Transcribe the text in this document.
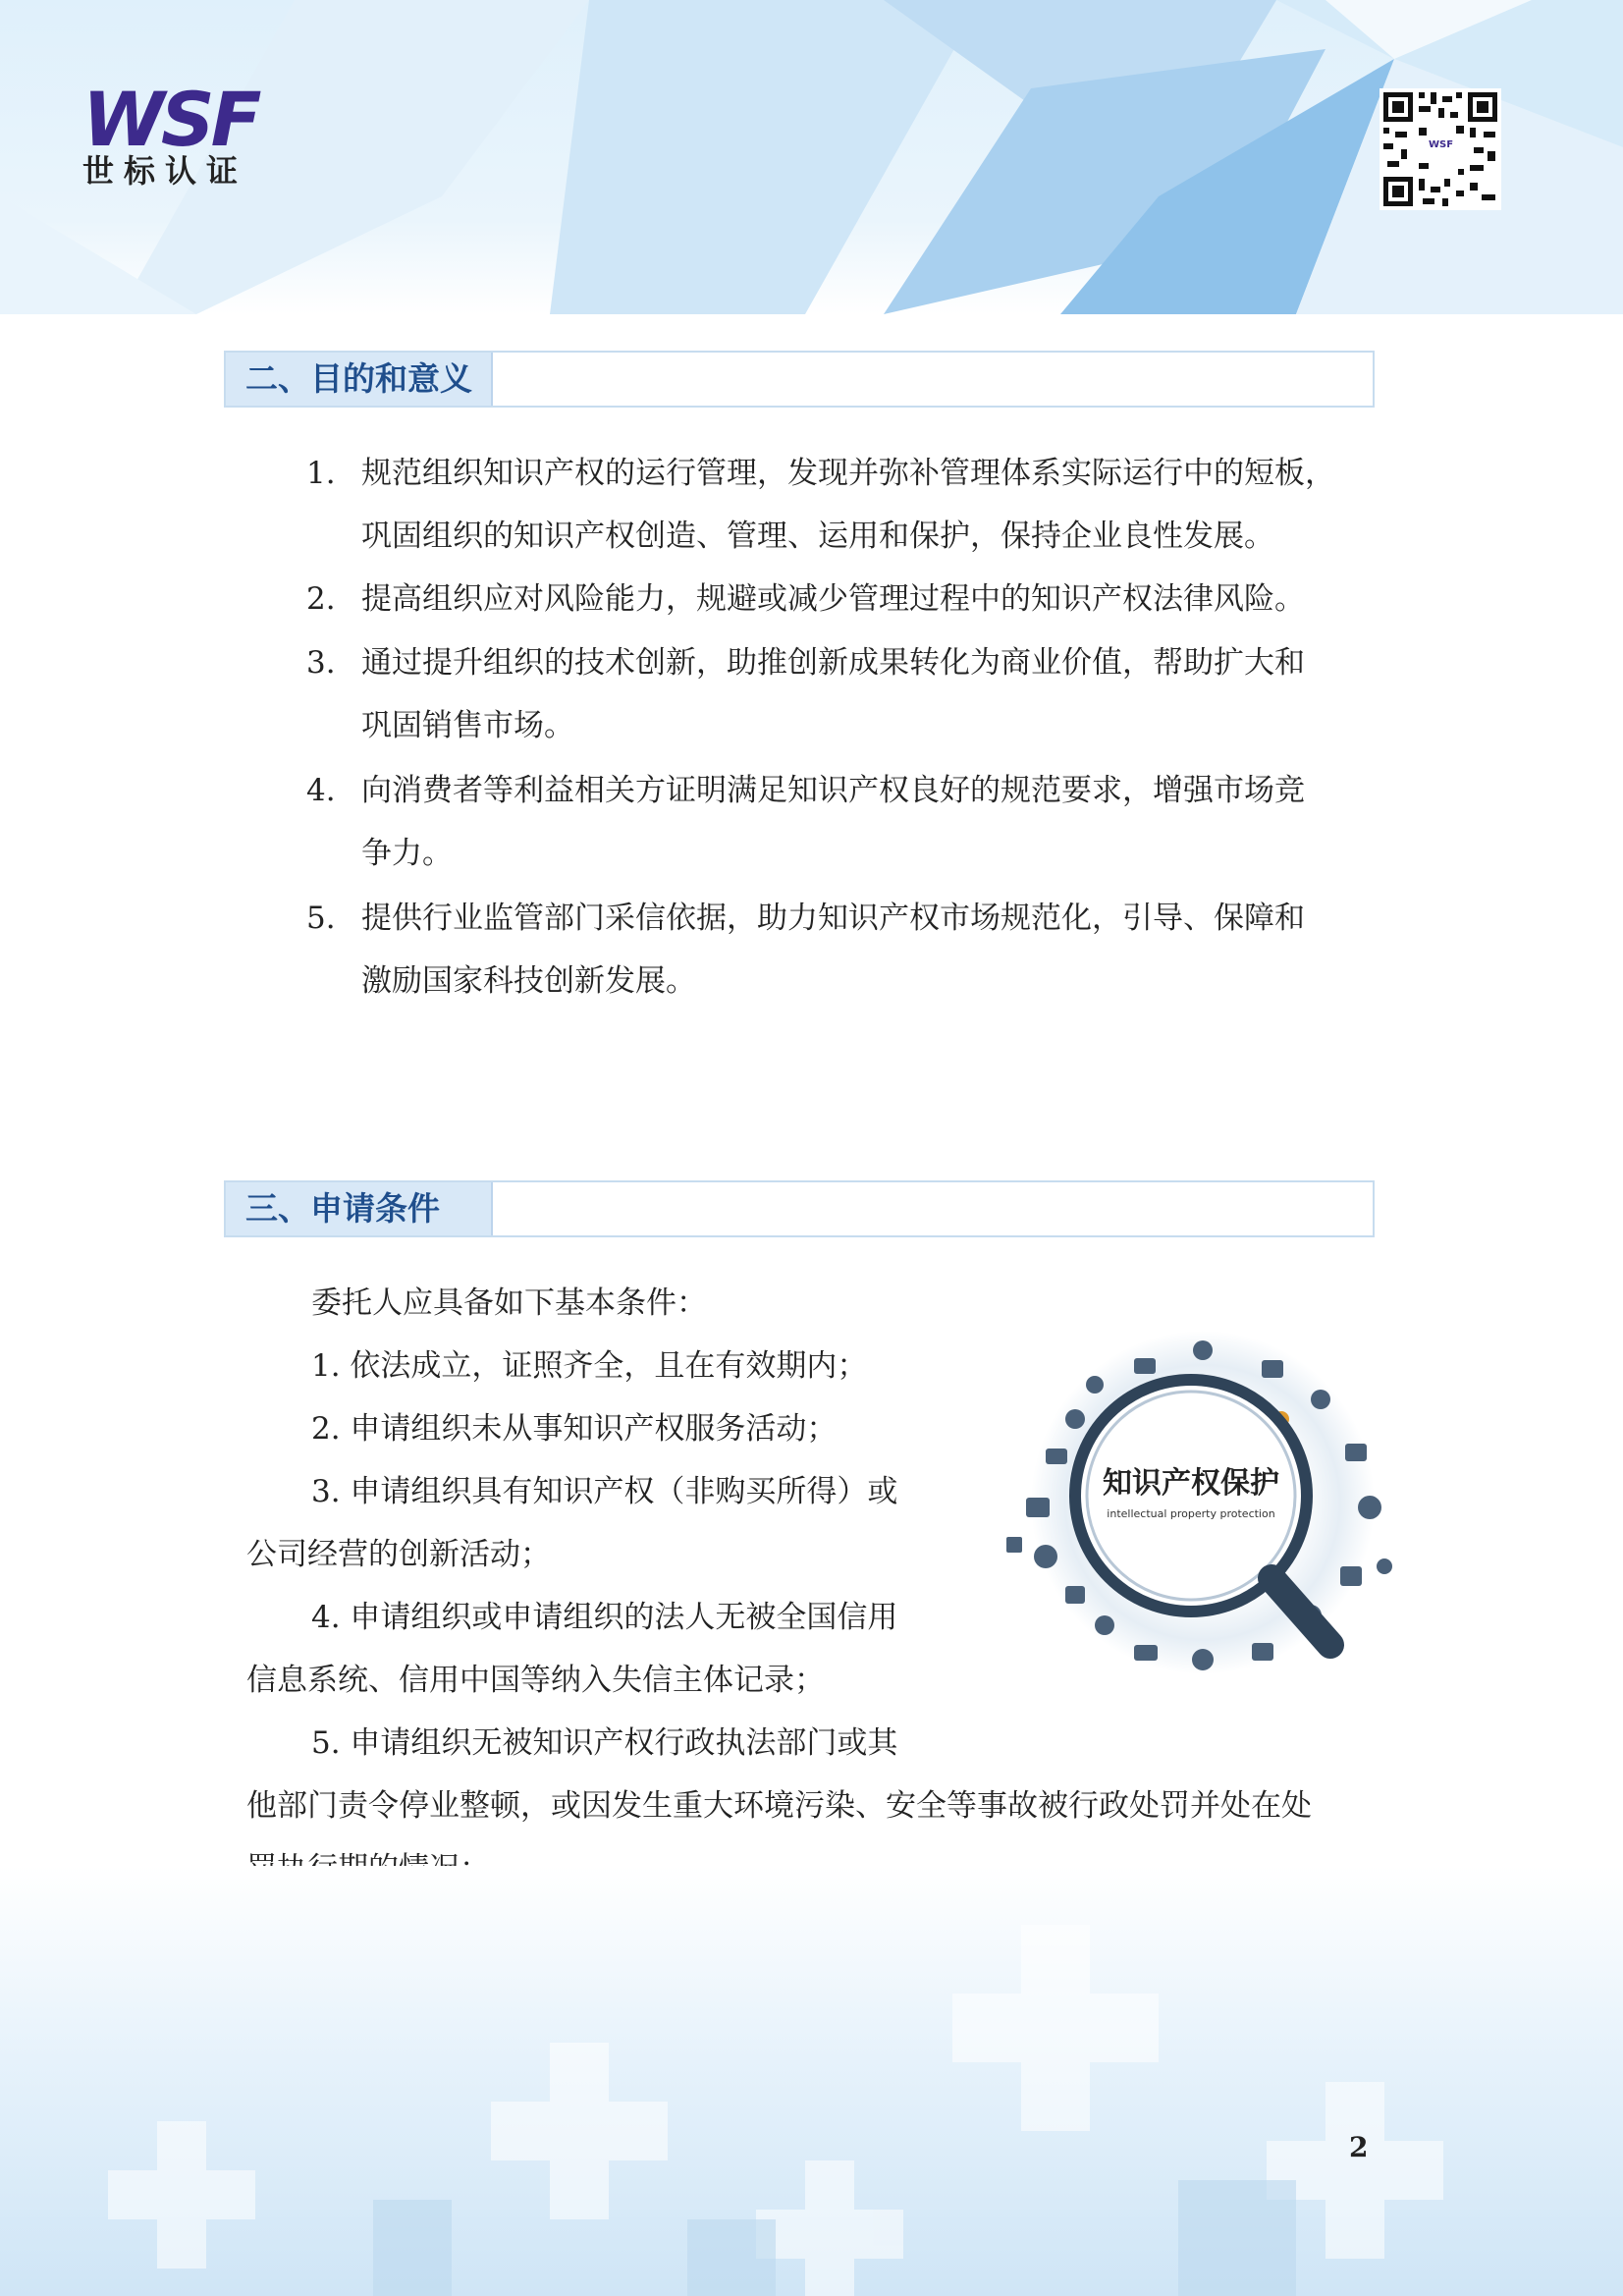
WSF
世标认证
WSF
二、目的和意义
1. 规范组织知识产权的运行管理，发现并弥补管理体系实际运行中的短板，
巩固组织的知识产权创造、管理、运用和保护，保持企业良性发展。
2. 提高组织应对风险能力，规避或减少管理过程中的知识产权法律风险。
3. 通过提升组织的技术创新，助推创新成果转化为商业价值，帮助扩大和
巩固销售市场。
4. 向消费者等利益相关方证明满足知识产权良好的规范要求，增强市场竞
争力。
5. 提供行业监管部门采信依据，助力知识产权市场规范化，引导、保障和
激励国家科技创新发展。
三、申请条件
委托人应具备如下基本条件：
1. 依法成立，证照齐全，且在有效期内；
2. 申请组织未从事知识产权服务活动；
3. 申请组织具有知识产权（非购买所得）或
公司经营的创新活动；
4. 申请组织或申请组织的法人无被全国信用
信息系统、信用中国等纳入失信主体记录；
5. 申请组织无被知识产权行政执法部门或其
他部门责令停业整顿，或因发生重大环境污染、安全等事故被行政处罚并处在处
知识产权保护
intellectual property protection
2
